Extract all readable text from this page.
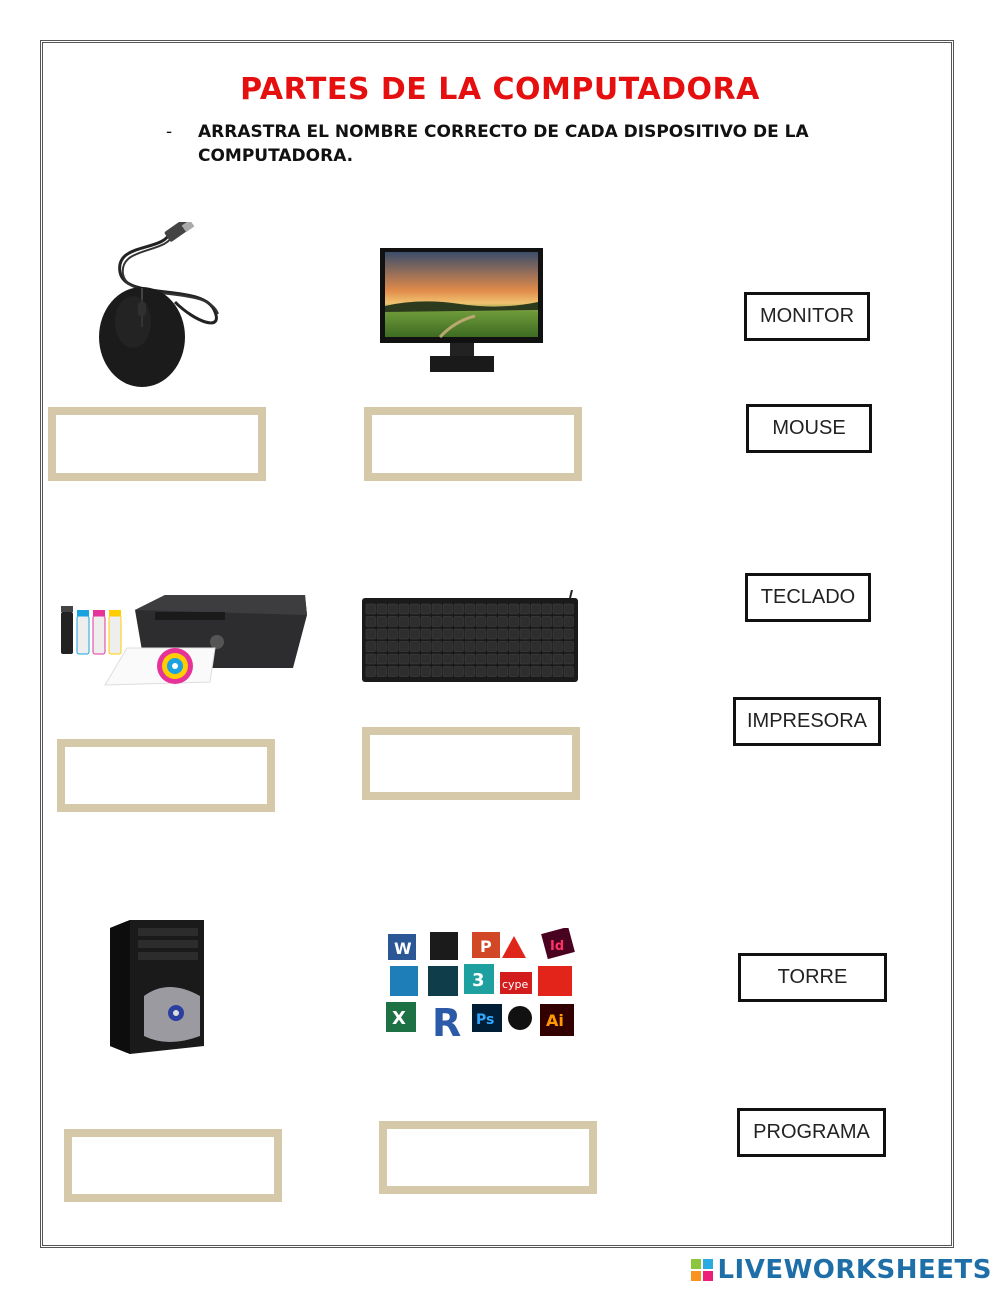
PARTES DE LA COMPUTADORA
- ARRASTRA EL NOMBRE CORRECTO DE CADA DISPOSITIVO DE LA COMPUTADORA.
W	P	Id
3 cype
X R Ps	Ai
MONITOR
MOUSE
TECLADO
IMPRESORA
TORRE
PROGRAMA
LIVEWORKSHEETS
